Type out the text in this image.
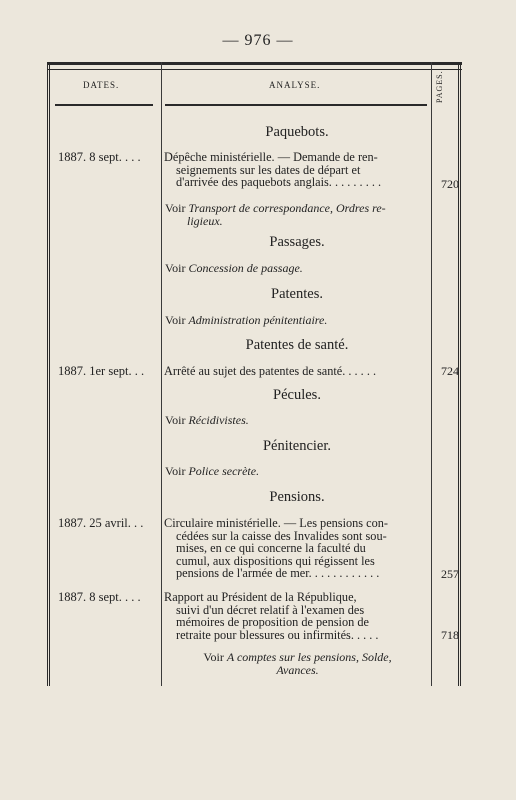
— 976 —
DATES.	ANALYSE.	PAGES.
Paquebots.
1887. 8 sept. . . .	Dépêche ministérielle. — Demande de ren-
seignements sur les dates de départ et
d'arrivée des paquebots anglais. . . . . . . . .	720
Voir Transport de correspondance, Ordres re-
ligieux.
Passages.
Voir Concession de passage.
Patentes.
Voir Administration pénitentiaire.
Patentes de santé.
1887. 1er sept. . .	Arrêté au sujet des patentes de santé. . . . . .	724
Pécules.
Voir Récidivistes.
Pénitencier.
Voir Police secrète.
Pensions.
1887. 25 avril. . .	Circulaire ministérielle. — Les pensions con-
cédées sur la caisse des Invalides sont sou-
mises, en ce qui concerne la faculté du
cumul, aux dispositions qui régissent les
pensions de l'armée de mer. . . . . . . . . . . .	257
1887. 8 sept. . . .	Rapport au Président de la République,
suivi d'un décret relatif à l'examen des
mémoires de proposition de pension de
retraite pour blessures ou infirmités. . . . .	718
Voir A comptes sur les pensions, Solde,
Avances.
